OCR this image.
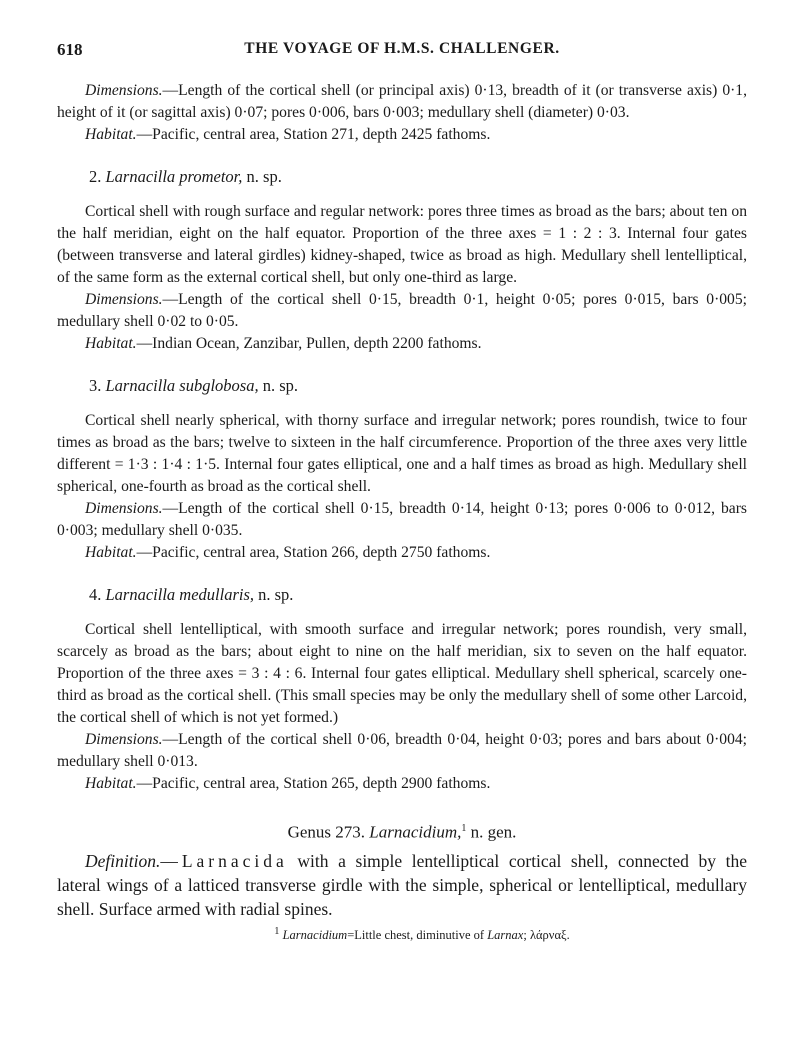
618	THE VOYAGE OF H.M.S. CHALLENGER.

Dimensions.—Length of the cortical shell (or principal axis) 0·13, breadth of it (or transverse axis) 0·1, height of it (or sagittal axis) 0·07; pores 0·006, bars 0·003; medullary shell (diameter) 0·03.

Habitat.—Pacific, central area, Station 271, depth 2425 fathoms.

2. Larnacilla prometor, n. sp.

Cortical shell with rough surface and regular network: pores three times as broad as the bars; about ten on the half meridian, eight on the half equator. Proportion of the three axes = 1 : 2 : 3. Internal four gates (between transverse and lateral girdles) kidney-shaped, twice as broad as high. Medullary shell lentelliptical, of the same form as the external cortical shell, but only one-third as large.

Dimensions.—Length of the cortical shell 0·15, breadth 0·1, height 0·05; pores 0·015, bars 0·005; medullary shell 0·02 to 0·05.

Habitat.—Indian Ocean, Zanzibar, Pullen, depth 2200 fathoms.

3. Larnacilla subglobosa, n. sp.

Cortical shell nearly spherical, with thorny surface and irregular network; pores roundish, twice to four times as broad as the bars; twelve to sixteen in the half circumference. Proportion of the three axes very little different = 1·3 : 1·4 : 1·5. Internal four gates elliptical, one and a half times as broad as high. Medullary shell spherical, one-fourth as broad as the cortical shell.

Dimensions.—Length of the cortical shell 0·15, breadth 0·14, height 0·13; pores 0·006 to 0·012, bars 0·003; medullary shell 0·035.

Habitat.—Pacific, central area, Station 266, depth 2750 fathoms.

4. Larnacilla medullaris, n. sp.

Cortical shell lentelliptical, with smooth surface and irregular network; pores roundish, very small, scarcely as broad as the bars; about eight to nine on the half meridian, six to seven on the half equator. Proportion of the three axes = 3 : 4 : 6. Internal four gates elliptical. Medullary shell spherical, scarcely one-third as broad as the cortical shell. (This small species may be only the medullary shell of some other Larcoid, the cortical shell of which is not yet formed.)

Dimensions.—Length of the cortical shell 0·06, breadth 0·04, height 0·03; pores and bars about 0·004; medullary shell 0·013.

Habitat.—Pacific, central area, Station 265, depth 2900 fathoms.

Genus 273. Larnacidium,$^1$ n. gen.

Definition.—Larnacida with a simple lentelliptical cortical shell, connected by the lateral wings of a latticed transverse girdle with the simple, spherical or lentelliptical, medullary shell. Surface armed with radial spines.

$^1$ Larnacidium=Little chest, diminutive of Larnax; λάρναξ.
